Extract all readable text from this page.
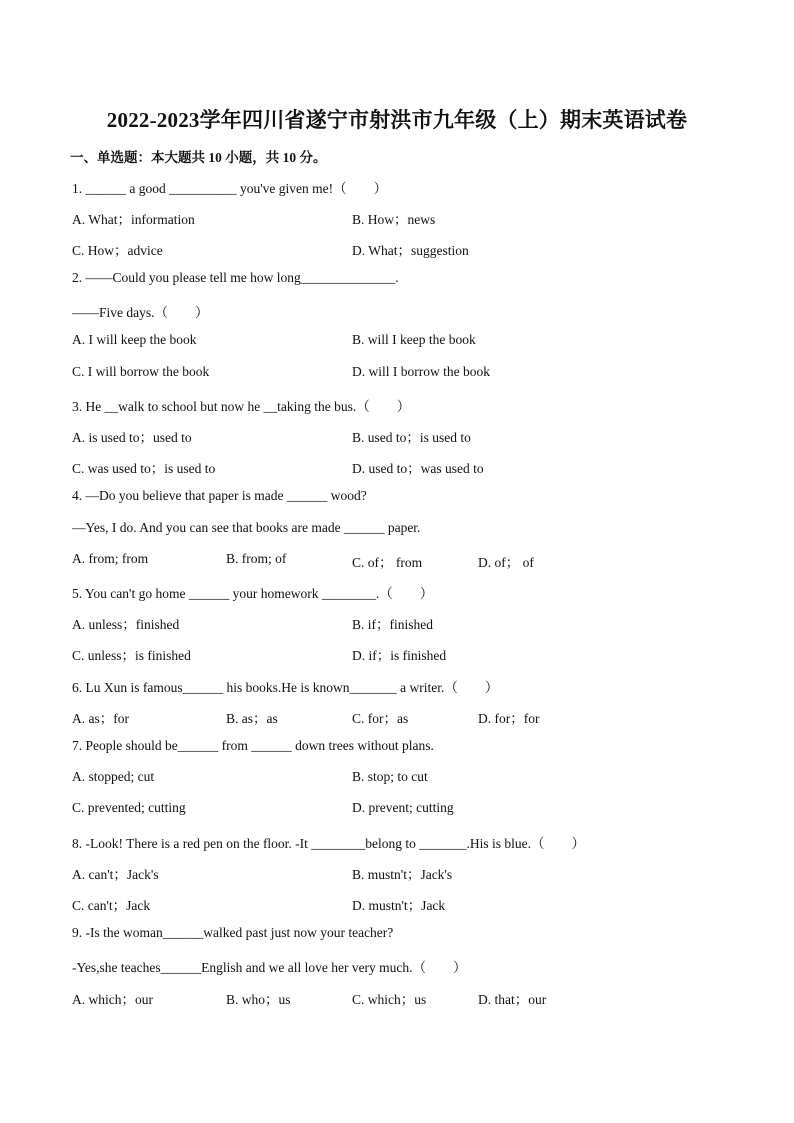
2022-2023学年四川省遂宁市射洪市九年级（上）期末英语试卷
一、单选题：本大题共 10 小题，共 10 分。
1. ______ a good __________ you've given me!（　　）
A. What；information	B. How；news
C. How；advice	D. What；suggestion
2. ——Could you please tell me how long______________.
——Five days.（　　）
A. I will keep the book	B. will I keep the book
C. I will borrow the book	D. will I borrow the book
3. He __walk to school but now he __taking the bus.（　　）
A. is used to；used to	B. used to；is used to
C. was used to；is used to	D. used to；was used to
4. —Do you believe that paper is made ______ wood?
—Yes, I do. And you can see that books are made ______ paper.
A. from; from	B. from; of	C. of； from	D. of； of
5. You can't go home ______ your homework ________.（　　）
A. unless；finished	B. if；finished
C. unless；is finished	D. if；is finished
6. Lu Xun is famous______ his books.He is known_______ a writer.（　　）
A. as；for	B. as；as	C. for；as	D. for；for
7. People should be______ from ______ down trees without plans.
A. stopped; cut	B. stop; to cut
C. prevented; cutting	D. prevent; cutting
8. -Look! There is a red pen on the floor. -It ________belong to _______.His is blue.（　　）
A. can't；Jack's	B. mustn't；Jack's
C. can't；Jack	D. mustn't；Jack
9. -Is the woman______walked past just now your teacher?
-Yes,she teaches______English and we all love her very much.（　　）
A. which；our	B. who；us	C. which；us	D. that；our
